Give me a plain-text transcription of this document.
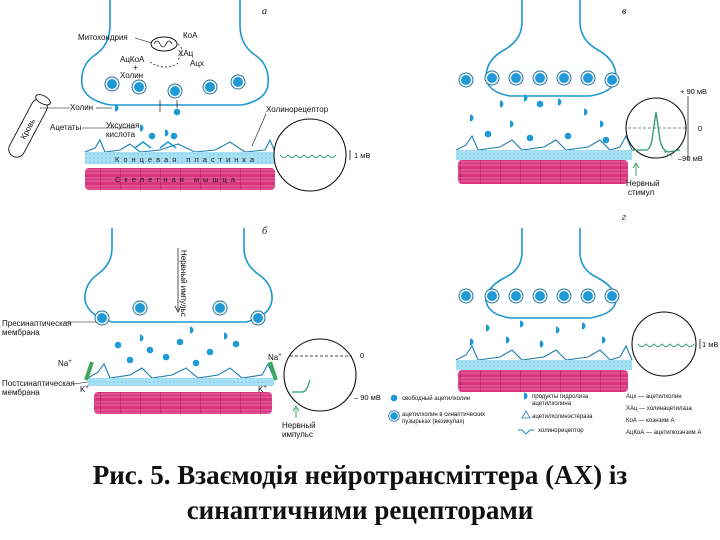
а
Концевая пластинка
Скелетная мышца
Митохондрия	КоА
ХАц
АцКоА
+
Холин
Ацх
Холин
Ацетаты	Уксусная
кислота
Холинорецептор
Кровь
1 мВ
б
Нервный импульс
Пресинаптическая
мембрана
Na+	Na+
Постсинаптическая
мембрана	K+	K+
0
– 90 мВ
Нервный
импульс
в
+ 90 мВ
0
–90 мВ
Нервный
стимул
г
1 мВ
свободный ацетилхолин
ацетилхолин в синаптических
пузырьках (везикулах)
продукты гидролиза
ацетилхолина
ацетилхолинэстераза
холинорецептор
Ацх — ацетилхолин
ХАц — холинацетилаза
КоА — коэнзим А
АцКоА — ацетилкоэнзим А
Рис. 5. Взаємодія нейротрансміттера (АХ) із
синаптичними рецепторами
